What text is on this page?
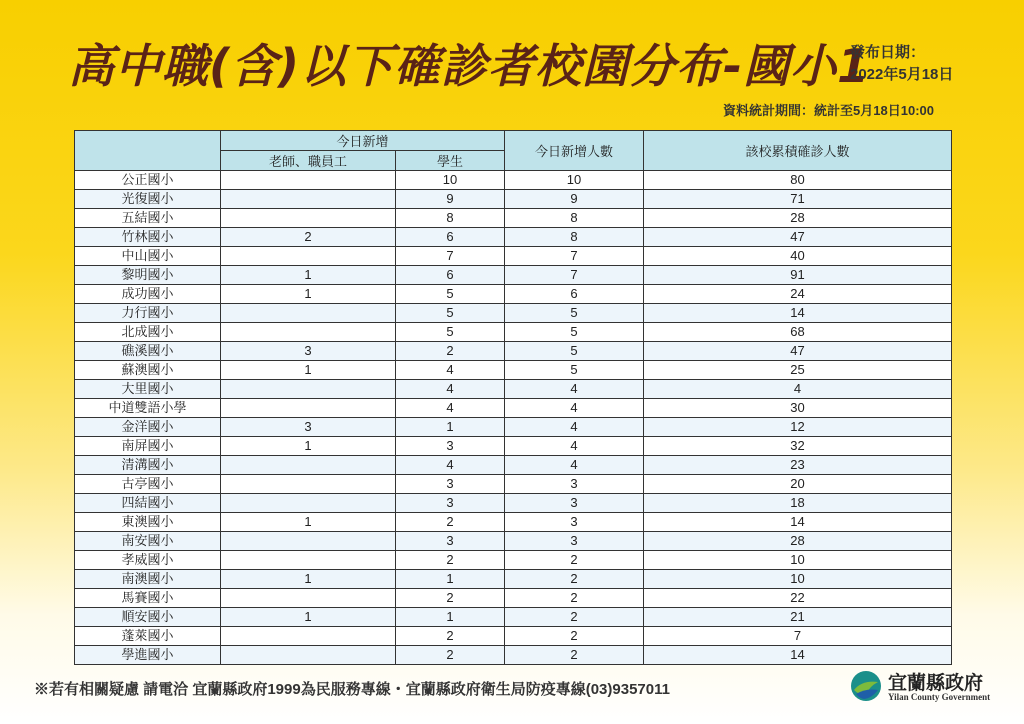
高中職(含)以下確診者校園分布-國小1
發布日期：
2022年5月18日
資料統計期間：統計至5月18日10:00
	今日新增		今日新增人數	該校累積確診人數
	老師、職員工	學生		
公正國小		10	10	80
光復國小		9	9	71
五結國小		8	8	28
竹林國小	2	6	8	47
中山國小		7	7	40
黎明國小	1	6	7	91
成功國小	1	5	6	24
力行國小		5	5	14
北成國小		5	5	68
礁溪國小	3	2	5	47
蘇澳國小	1	4	5	25
大里國小		4	4	4
中道雙語小學		4	4	30
金洋國小	3	1	4	12
南屏國小	1	3	4	32
清溝國小		4	4	23
古亭國小		3	3	20
四結國小		3	3	18
東澳國小	1	2	3	14
南安國小		3	3	28
孝威國小		2	2	10
南澳國小	1	1	2	10
馬賽國小		2	2	22
順安國小	1	1	2	21
蓬萊國小		2	2	7
學進國小		2	2	14
※若有相關疑慮 請電洽 宜蘭縣政府1999為民服務專線・宜蘭縣政府衛生局防疫專線(03)9357011	宜蘭縣政府
Yilan County Government
